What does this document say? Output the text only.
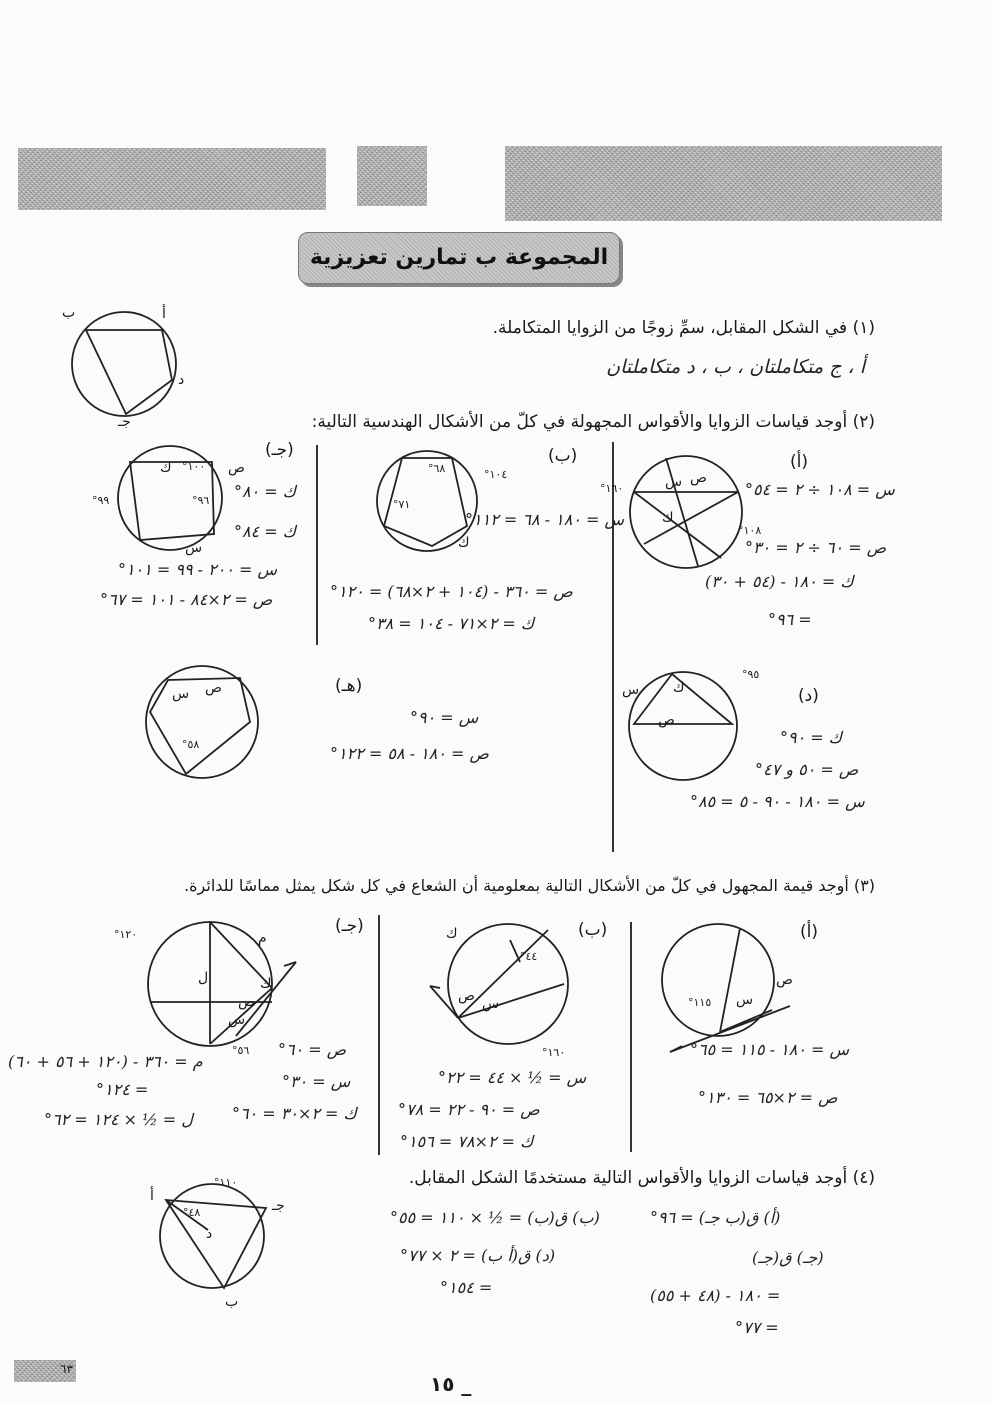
المجموعة ب تمارين تعزيزية
(١) في الشكل المقابل، سمِّ زوجًا من الزوايا المتكاملة.
أ ، ج متكاملتان ، ب ، د متكاملتان
ب	أ
د
جـ	(٢) أوجد قياسات الزوايا والأقواس المجهولة في كلّ من الأشكال الهندسية التالية:
(أ)
س ص
ك
١٦٠°
١٠٨°
س = ١٠٨ ÷ ٢ = ٥٤°
ص = ٦٠ ÷ ٢ = ٣٠°
ك = ١٨٠ - (٥٤ + ٣٠)
= ٩٦°
(ب)
٦٨°	١٠٤°
٧١°
ك
س = ١٨٠ - ٦٨ = ١١٢°
ص = ٣٦٠ - (١٠٤ + ٢×٦٨) = ١٢٠°
ك = ٢×٧١ - ١٠٤ = ٣٨°
(جـ)
١٠٠°
٩٦°
٩٩°
ك	ص
س
ك = ٨٠°
ك = ٨٤°
س = ٢٠٠ - ٩٩ = ١٠١°
ص = ٢×٨٤ - ١٠١ = ٦٧°
(د)
٩٥°
س
ص
ك
ك = ٩٠°
ص = ٥٠ و ٤٧°
س = ١٨٠ - ٩٠ - ٥ = ٨٥°
(هـ)
س ص
٥٨°
س = ٩٠°
ص = ١٨٠ - ٥٨ = ١٢٢°
(٣) أوجد قيمة المجهول في كلّ من الأشكال التالية بمعلومية أن الشعاع في كل شكل يمثل مماسًا للدائرة.
(أ)
ص
س
١١٥°
س = ١٨٠ - ١١٥ = ٦٥°
ص = ٢×٦٥ = ١٣٠°
(ب)
ك
٤٤°
ص س
١٦٠°
س = ½ × ٤٤ = ٢٢°
ص = ٩٠ - ٢٢ = ٧٨°
ك = ٢×٧٨ = ١٥٦°
(جـ)
١٢٠°	م
ك
ل
ص
س
٥٦° ص = ٦٠°
س = ٣٠°
ك = ٢×٣٠ = ٦٠°
م = ٣٦٠ - (١٢٠ + ٥٦ + ٦٠)
= ١٢٤°
ل = ½ × ١٢٤ = ٦٢°
(٤) أوجد قياسات الزوايا والأقواس التالية مستخدمًا الشكل المقابل.
١١٠°
أ
جـ
٤٨°
د
ب
(أ) ق(ب جـ) = ٩٦°
(جـ) ق(جـ)
= ١٨٠ - (٤٨ + ٥٥)
= ٧٧°
(ب) ق(ب) = ½ × ١١٠ = ٥٥°
(د) ق(أ ب) = ٢ × ٧٧°
= ١٥٤°
٦٣
١٥ _
